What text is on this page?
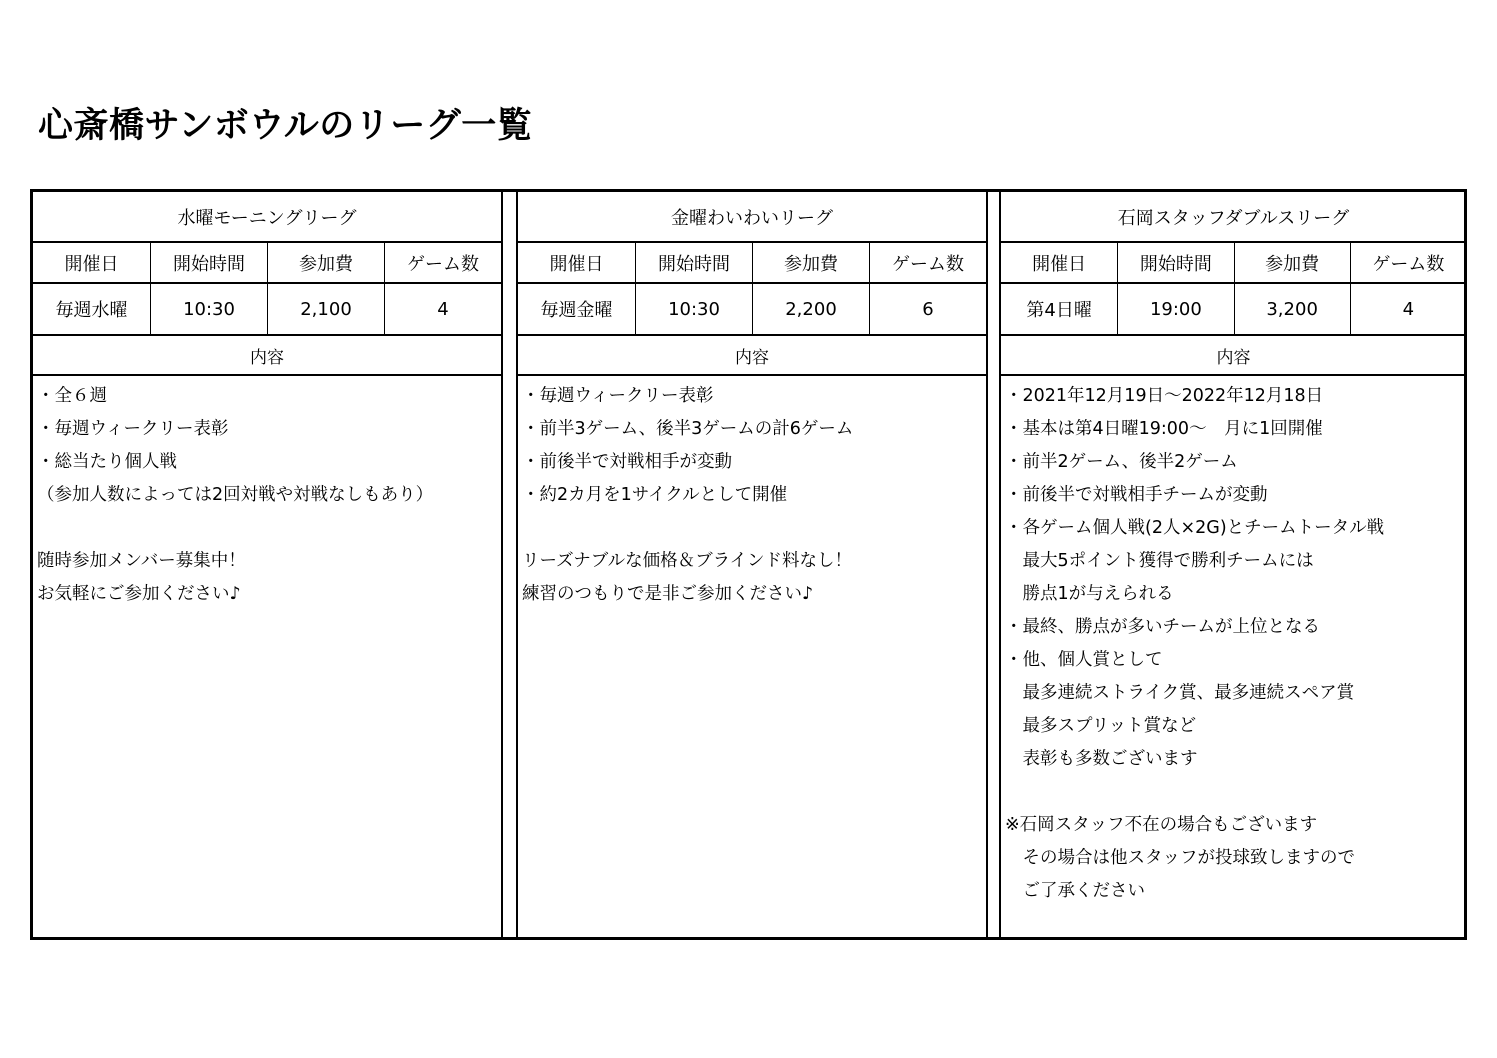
心斎橋サンボウルのリーグ一覧
水曜モーニングリーグ
開催日	開始時間	参加費	ゲーム数
毎週水曜	10:30	2,100	4
内容
・全６週
・毎週ウィークリー表彰
・総当たり個人戦
（参加人数によっては2回対戦や対戦なしもあり）
随時参加メンバー募集中！
お気軽にご参加ください♪
金曜わいわいリーグ
開催日	開始時間	参加費	ゲーム数
毎週金曜	10:30	2,200	6
内容
・毎週ウィークリー表彰
・前半3ゲーム、後半3ゲームの計6ゲーム
・前後半で対戦相手が変動
・約2カ月を1サイクルとして開催
リーズナブルな価格＆ブラインド料なし！
練習のつもりで是非ご参加ください♪
石岡スタッフダブルスリーグ
開催日	開始時間	参加費	ゲーム数
第4日曜	19:00	3,200	4
内容
・2021年12月19日～2022年12月18日
・基本は第4日曜19:00～　月に1回開催
・前半2ゲーム、後半2ゲーム
・前後半で対戦相手チームが変動
・各ゲーム個人戦(2人×2G)とチームトータル戦
　最大5ポイント獲得で勝利チームには
　勝点1が与えられる
・最終、勝点が多いチームが上位となる
・他、個人賞として
　最多連続ストライク賞、最多連続スペア賞
　最多スプリット賞など
　表彰も多数ございます
※石岡スタッフ不在の場合もございます
　その場合は他スタッフが投球致しますので
　ご了承ください
